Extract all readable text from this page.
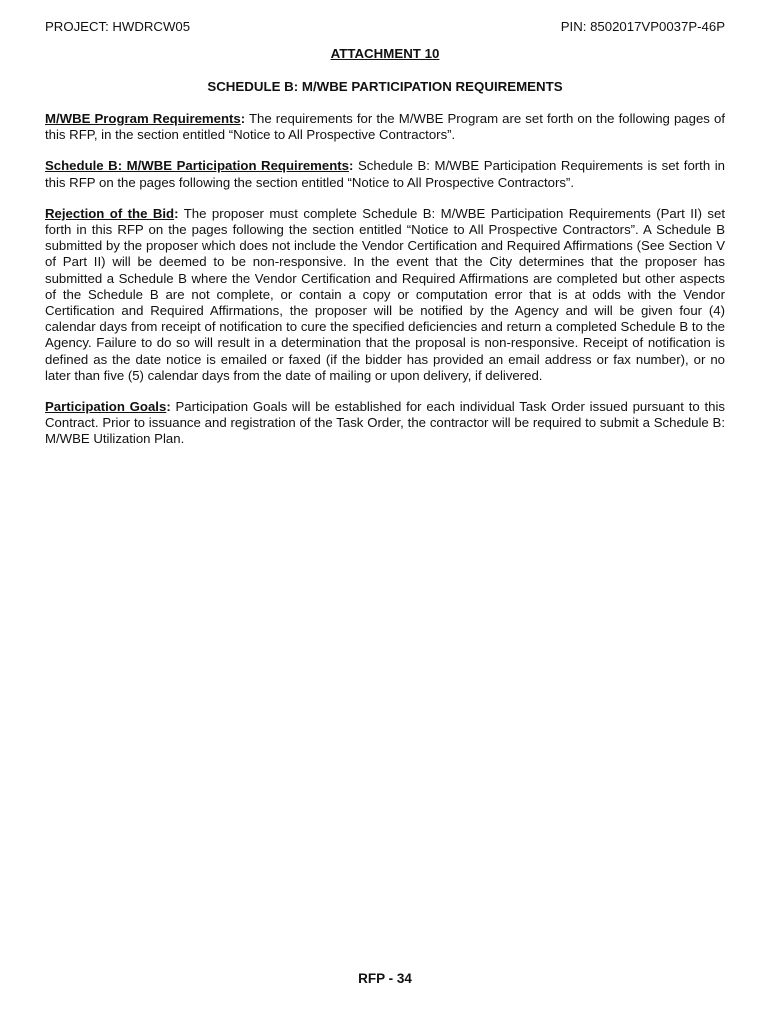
PROJECT: HWDRCW05	PIN: 8502017VP0037P-46P
ATTACHMENT 10
SCHEDULE B: M/WBE PARTICIPATION REQUIREMENTS

M/WBE Program Requirements: The requirements for the M/WBE Program are set forth on the following pages of this RFP, in the section entitled “Notice to All Prospective Contractors”.

Schedule B: M/WBE Participation Requirements: Schedule B: M/WBE Participation Requirements is set forth in this RFP on the pages following the section entitled “Notice to All Prospective Contractors”.

Rejection of the Bid: The proposer must complete Schedule B: M/WBE Participation Requirements (Part II) set forth in this RFP on the pages following the section entitled “Notice to All Prospective Contractors”. A Schedule B submitted by the proposer which does not include the Vendor Certification and Required Affirmations (See Section V of Part II) will be deemed to be non-responsive. In the event that the City determines that the proposer has submitted a Schedule B where the Vendor Certification and Required Affirmations are completed but other aspects of the Schedule B are not complete, or contain a copy or computation error that is at odds with the Vendor Certification and Required Affirmations, the proposer will be notified by the Agency and will be given four (4) calendar days from receipt of notification to cure the specified deficiencies and return a completed Schedule B to the Agency. Failure to do so will result in a determination that the proposal is non-responsive. Receipt of notification is defined as the date notice is emailed or faxed (if the bidder has provided an email address or fax number), or no later than five (5) calendar days from the date of mailing or upon delivery, if delivered.

Participation Goals: Participation Goals will be established for each individual Task Order issued pursuant to this Contract. Prior to issuance and registration of the Task Order, the contractor will be required to submit a Schedule B: M/WBE Utilization Plan.

RFP - 34
